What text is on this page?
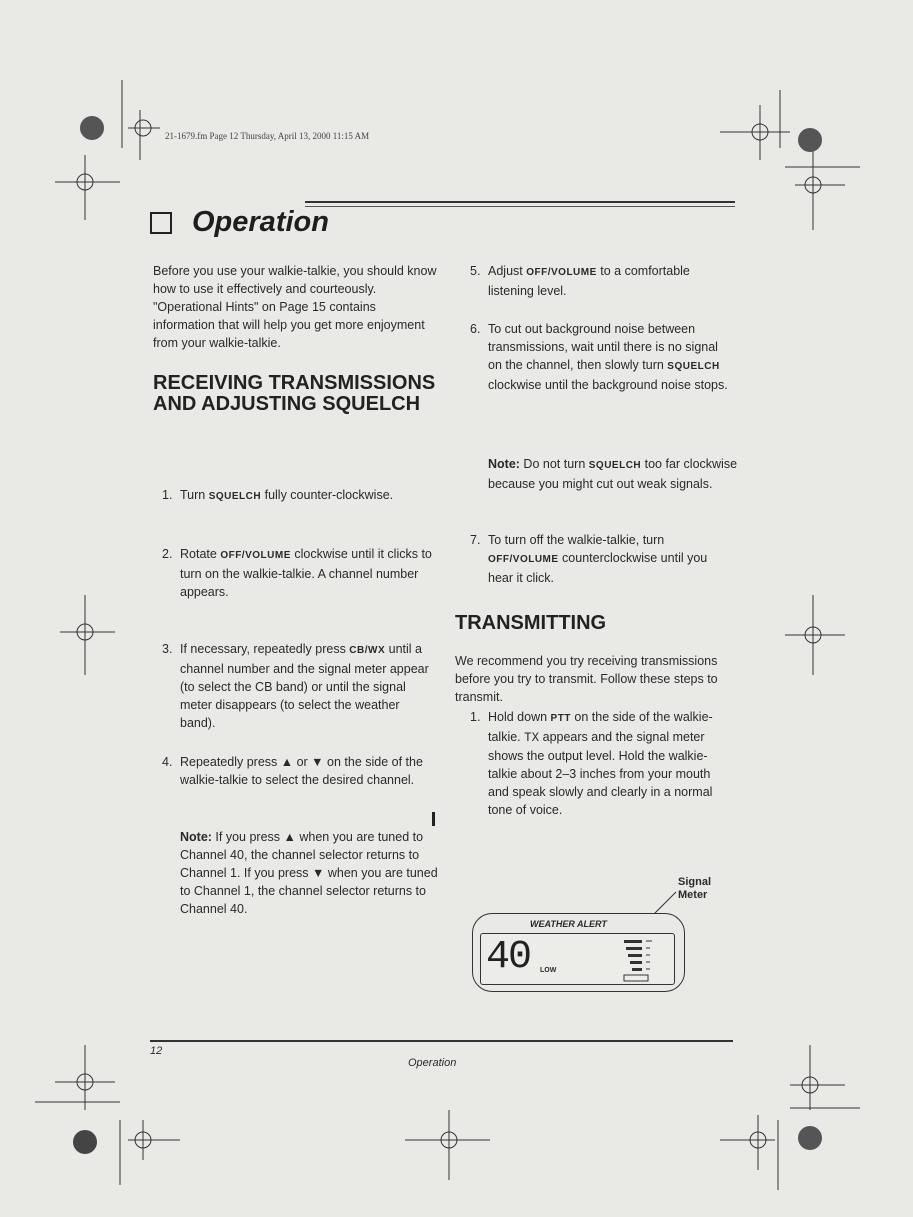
21-1679.fm Page 12 Thursday, April 13, 2000 11:15 AM
Operation

Before you use your walkie-talkie, you should know how to use it effectively and courteously. "Operational Hints" on Page 15 contains information that will help you get more enjoyment from your walkie-talkie.

RECEIVING TRANSMISSIONS AND ADJUSTING SQUELCH
1. Turn SQUELCH fully counter-clockwise.
2. Rotate OFF/VOLUME clockwise until it clicks to turn on the walkie-talkie. A channel number appears.
3. If necessary, repeatedly press CB/WX until a channel number and the signal meter appear (to select the CB band) or until the signal meter disappears (to select the weather band).
4. Repeatedly press ▲ or ▼ on the side of the walkie-talkie to select the desired channel.

Note: If you press ▲ when you are tuned to Channel 40, the channel selector returns to Channel 1. If you press ▼ when you are tuned to Channel 1, the channel selector returns to Channel 40.

5. Adjust OFF/VOLUME to a comfortable listening level.
6. To cut out background noise between transmissions, wait until there is no signal on the channel, then slowly turn SQUELCH clockwise until the background noise stops.

Note: Do not turn SQUELCH too far clockwise because you might cut out weak signals.

7. To turn off the walkie-talkie, turn OFF/VOLUME counterclockwise until you hear it click.
TRANSMITTING

We recommend you try receiving transmissions before you try to transmit. Follow these steps to transmit.

1. Hold down PTT on the side of the walkie-talkie. TX appears and the signal meter shows the output level. Hold the walkie-talkie about 2–3 inches from your mouth and speak slowly and clearly in a normal tone of voice.
Signal
Meter
WEATHER ALERT
40 LOW
12
Operation
